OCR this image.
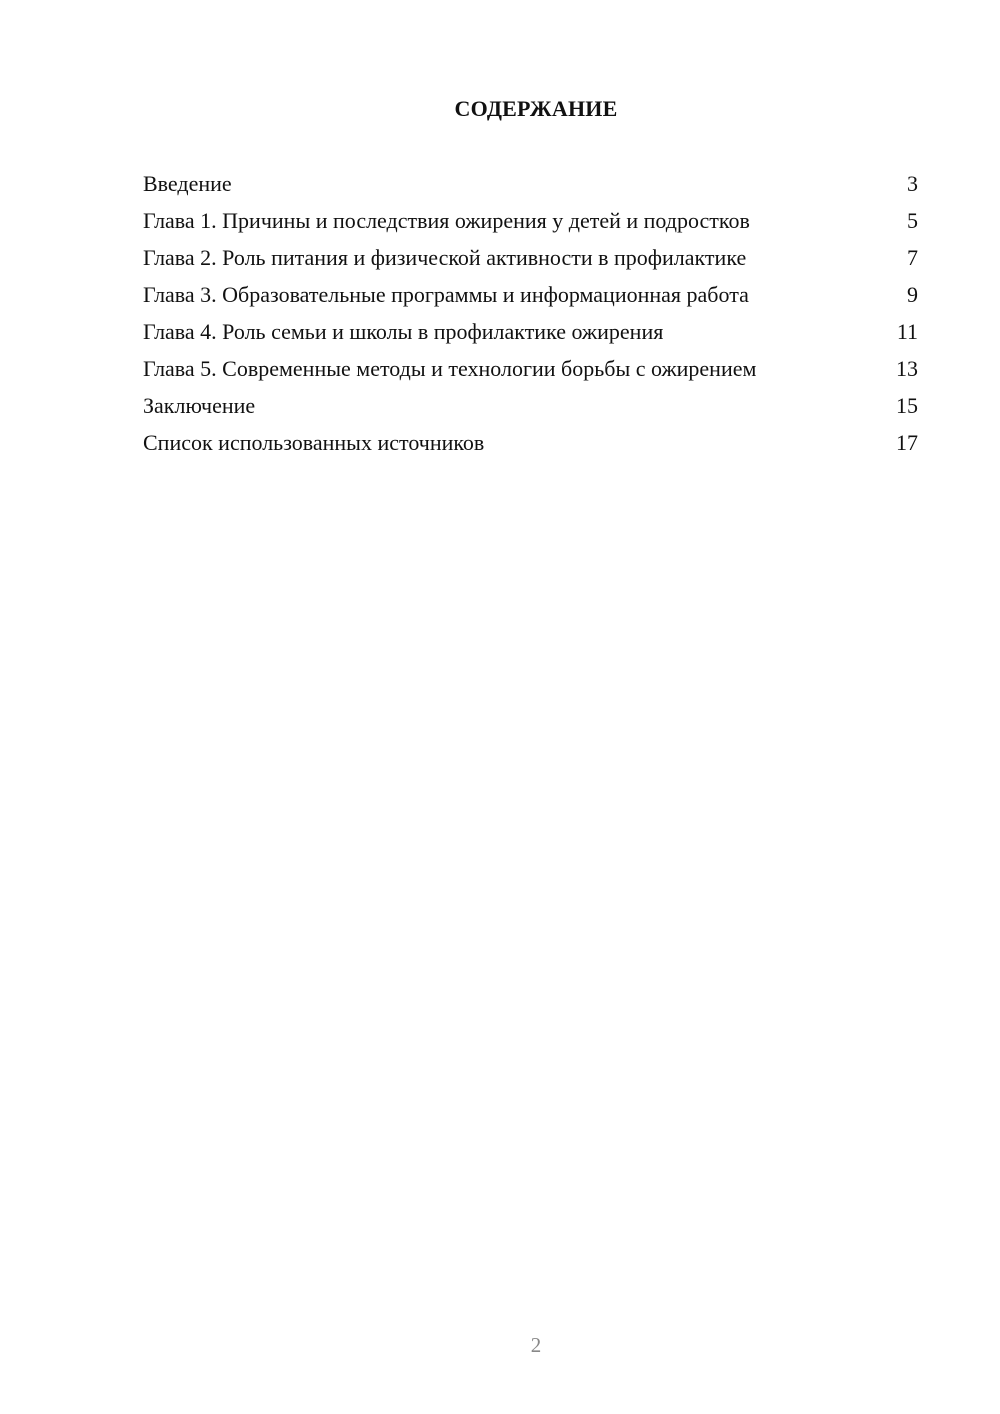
СОДЕРЖАНИЕ
Введение	3
Глава 1. Причины и последствия ожирения у детей и подростков	5
Глава 2. Роль питания и физической активности в профилактике	7
Глава 3. Образовательные программы и информационная работа	9
Глава 4. Роль семьи и школы в профилактике ожирения	11
Глава 5. Современные методы и технологии борьбы с ожирением	13
Заключение	15
Список использованных источников	17
2
